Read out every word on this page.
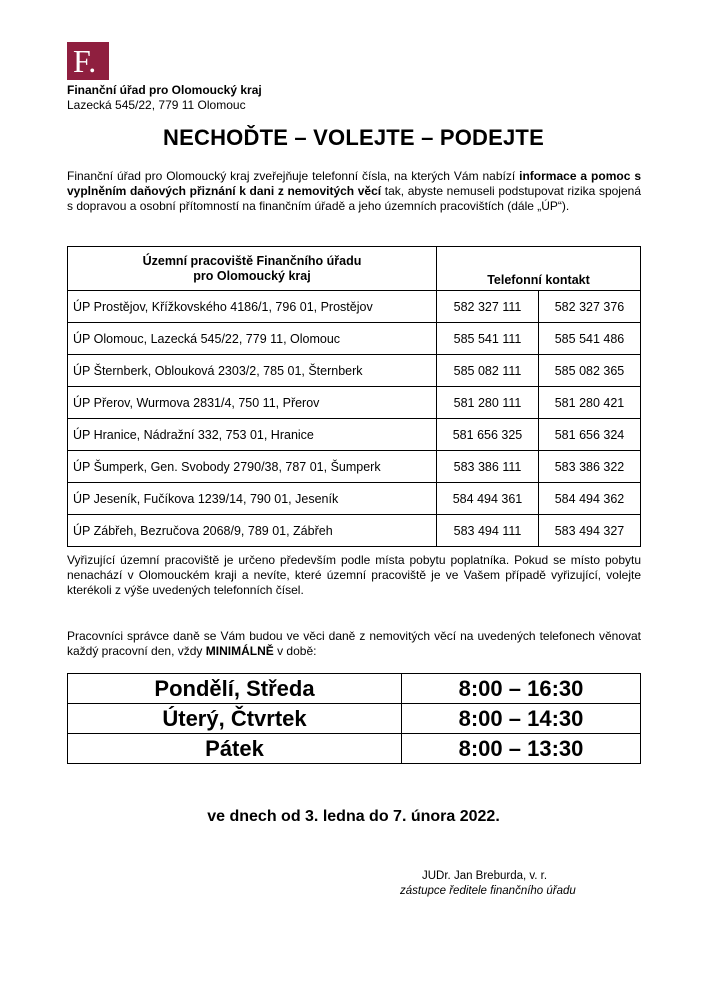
F.
Finanční úřad pro Olomoucký kraj
Lazecká 545/22, 779 11 Olomouc
NECHOĎTE – VOLEJTE – PODEJTE
Finanční úřad pro Olomoucký kraj zveřejňuje telefonní čísla, na kterých Vám nabízí informace a pomoc s vyplněním daňových přiznání k dani z nemovitých věcí tak, abyste nemuseli podstupovat rizika spojená s dopravou a osobní přítomností na finančním úřadě a jeho územních pracovištích (dále „ÚP“).
Územní pracoviště Finančního úřadu
pro Olomoucký kraj	Telefonní kontakt	
ÚP Prostějov, Křížkovského 4186/1, 796 01, Prostějov	582 327 111	582 327 376
ÚP Olomouc, Lazecká 545/22, 779 11, Olomouc	585 541 111	585 541 486
ÚP Šternberk, Oblouková 2303/2, 785 01, Šternberk	585 082 111	585 082 365
ÚP Přerov, Wurmova 2831/4, 750 11, Přerov	581 280 111	581 280 421
ÚP Hranice, Nádražní 332, 753 01, Hranice	581 656 325	581 656 324
ÚP Šumperk, Gen. Svobody 2790/38, 787 01, Šumperk	583 386 111	583 386 322
ÚP Jeseník, Fučíkova 1239/14, 790 01, Jeseník	584 494 361	584 494 362
ÚP Zábřeh, Bezručova 2068/9, 789 01, Zábřeh	583 494 111	583 494 327
Vyřizující územní pracoviště je určeno především podle místa pobytu poplatníka. Pokud se místo pobytu nenachází v Olomouckém kraji a nevíte, které územní pracoviště je ve Vašem případě vyřizující, volejte kterékoli z výše uvedených telefonních čísel.
Pracovníci správce daně se Vám budou ve věci daně z nemovitých věcí na uvedených telefonech věnovat každý pracovní den, vždy MINIMÁLNĚ v době:
Pondělí, Středa	8:00 – 16:30
Úterý, Čtvrtek	8:00 – 14:30
Pátek	8:00 – 13:30
ve dnech od 3. ledna do 7. února 2022.
JUDr. Jan Breburda, v. r.
zástupce ředitele finančního úřadu
